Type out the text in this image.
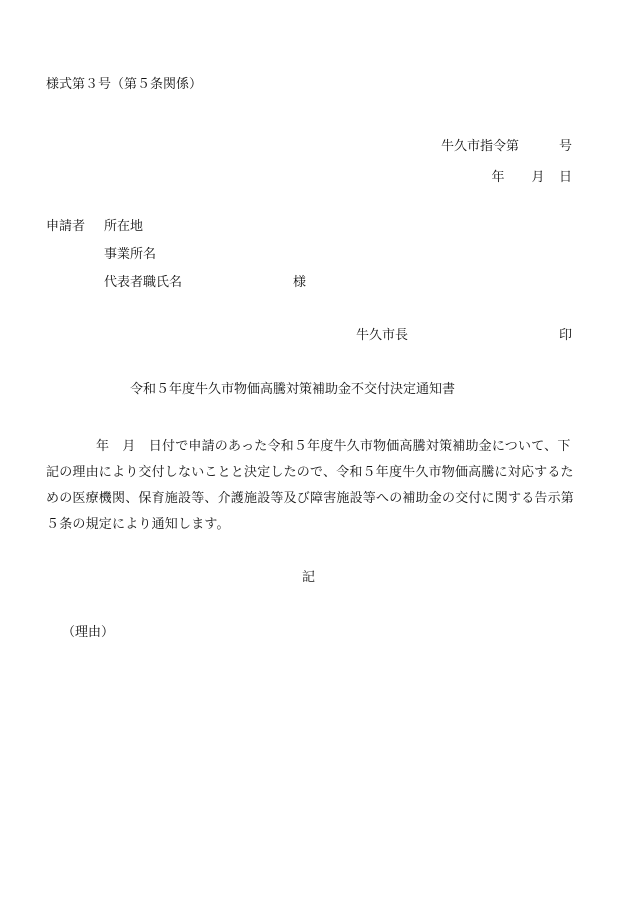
様式第３号（第５条関係）
牛久市指令第	号
年	月	日
申請者 所在地
事業所名
代表者職氏名	様
牛久市長	印
令和５年度牛久市物価高騰対策補助金不交付決定通知書
年　月　日付で申請のあった令和５年度牛久市物価高騰対策補助金について、下記の理由により交付しないことと決定したので、令和５年度牛久市物価高騰に対応するための医療機関、保育施設等、介護施設等及び障害施設等への補助金の交付に関する告示第５条の規定により通知します。
記
（理由）
